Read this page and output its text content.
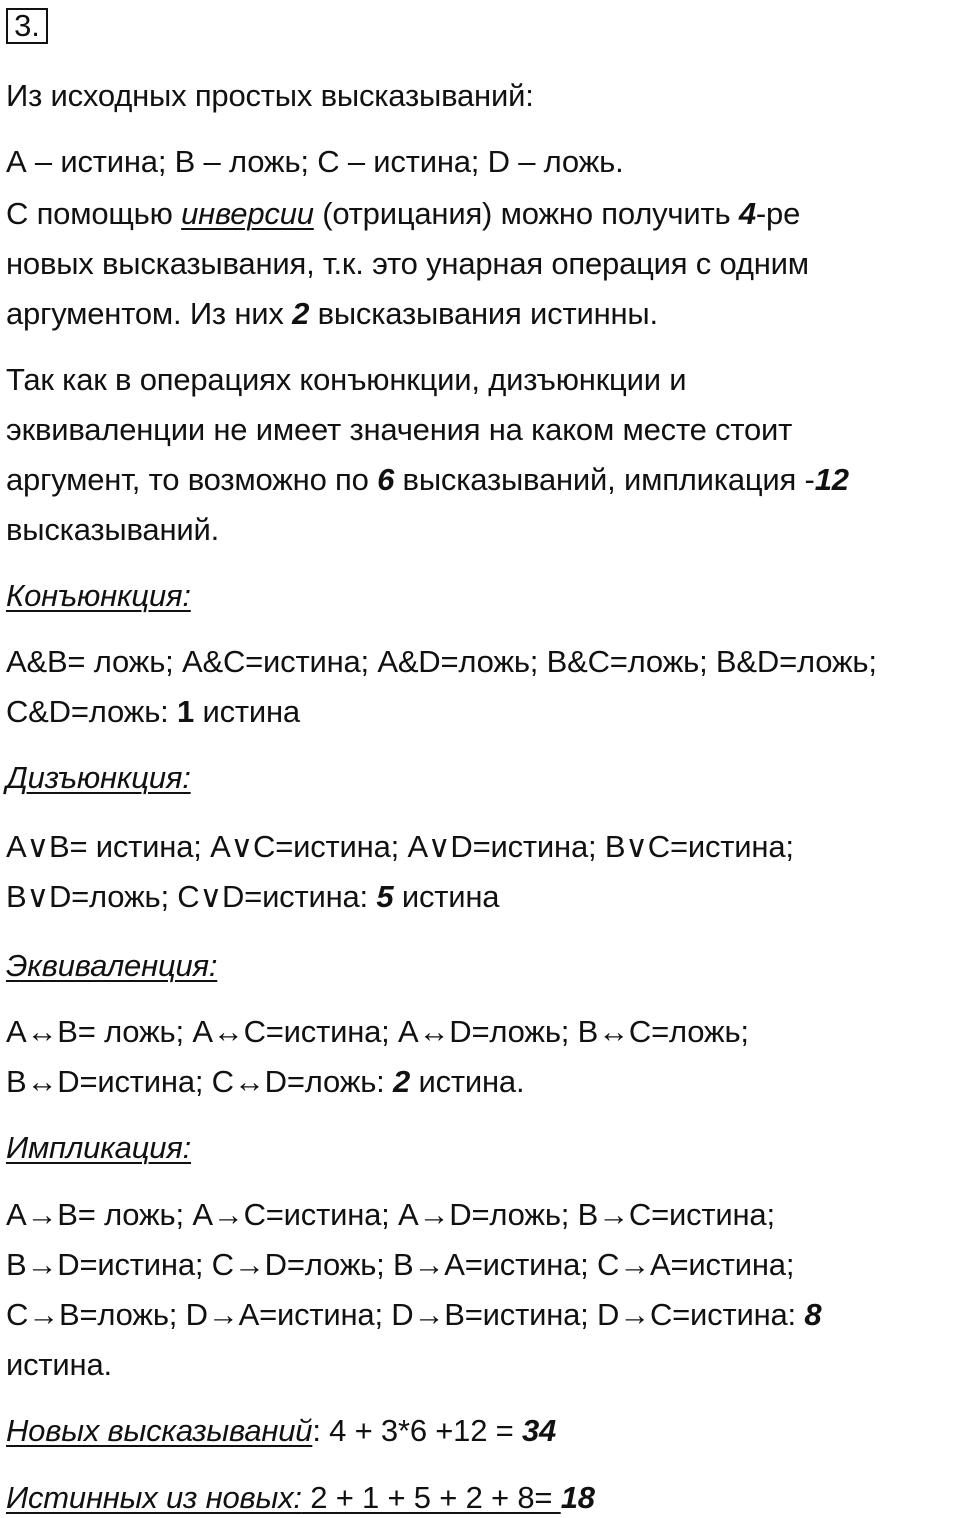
3.
Из исходных простых высказываний:
А – истина; В – ложь; С – истина; D – ложь.
С помощью инверсии (отрицания) можно получить 4-ре
новых высказывания, т.к. это унарная операция с одним
аргументом. Из них 2 высказывания истинны.
Так как в операциях конъюнкции, дизъюнкции и
эквиваленции не имеет значения на каком месте стоит
аргумент, то возможно по 6 высказываний, импликация -12
высказываний.
Конъюнкция:
А&B= ложь; А&C=истина; А&D=ложь; B&C=ложь; B&D=ложь;
C&D=ложь: 1 истина
Дизъюнкция:
А∨B= истина; А∨C=истина; А∨D=истина; B∨C=истина;
B∨D=ложь; C∨D=истина: 5 истина
Эквиваленция:
А↔B= ложь; А↔C=истина; А↔D=ложь; B↔C=ложь;
B↔D=истина; C↔D=ложь: 2 истина.
Импликация:
А→B= ложь; А→C=истина; А→D=ложь; B→C=истина;
B→D=истина; C→D=ложь; B→A=истина; C→A=истина;
C→B=ложь; D→A=истина; D→B=истина; D→C=истина: 8
истина.
Новых высказываний: 4 + 3*6 +12 = 34
Истинных из новых: 2 + 1 + 5 + 2 + 8= 18
